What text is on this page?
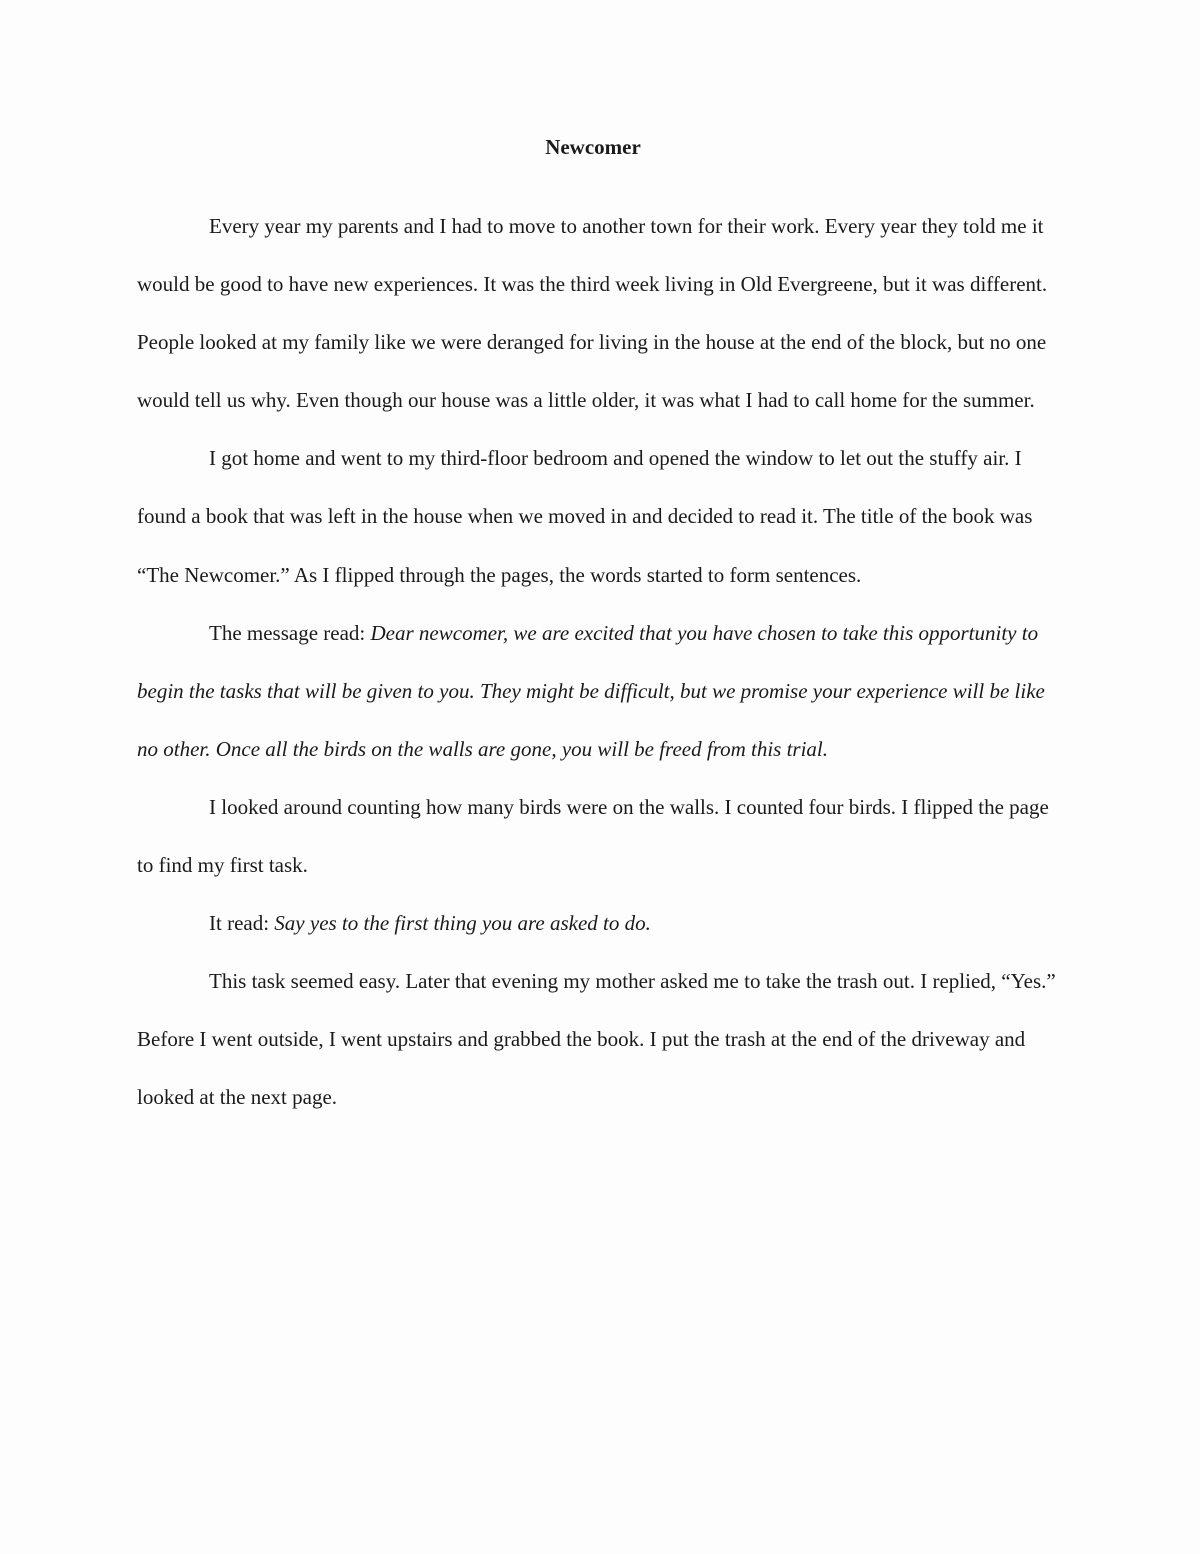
Newcomer

Every year my parents and I had to move to another town for their work. Every year they told me it would be good to have new experiences. It was the third week living in Old Evergreene, but it was different. People looked at my family like we were deranged for living in the house at the end of the block, but no one would tell us why. Even though our house was a little older, it was what I had to call home for the summer.

I got home and went to my third-floor bedroom and opened the window to let out the stuffy air. I found a book that was left in the house when we moved in and decided to read it. The title of the book was “The Newcomer.” As I flipped through the pages, the words started to form sentences.

The message read: Dear newcomer, we are excited that you have chosen to take this opportunity to begin the tasks that will be given to you. They might be difficult, but we promise your experience will be like no other. Once all the birds on the walls are gone, you will be freed from this trial.

I looked around counting how many birds were on the walls. I counted four birds. I flipped the page to find my first task.

It read: Say yes to the first thing you are asked to do.

This task seemed easy. Later that evening my mother asked me to take the trash out. I replied, “Yes.” Before I went outside, I went upstairs and grabbed the book. I put the trash at the end of the driveway and looked at the next page.
